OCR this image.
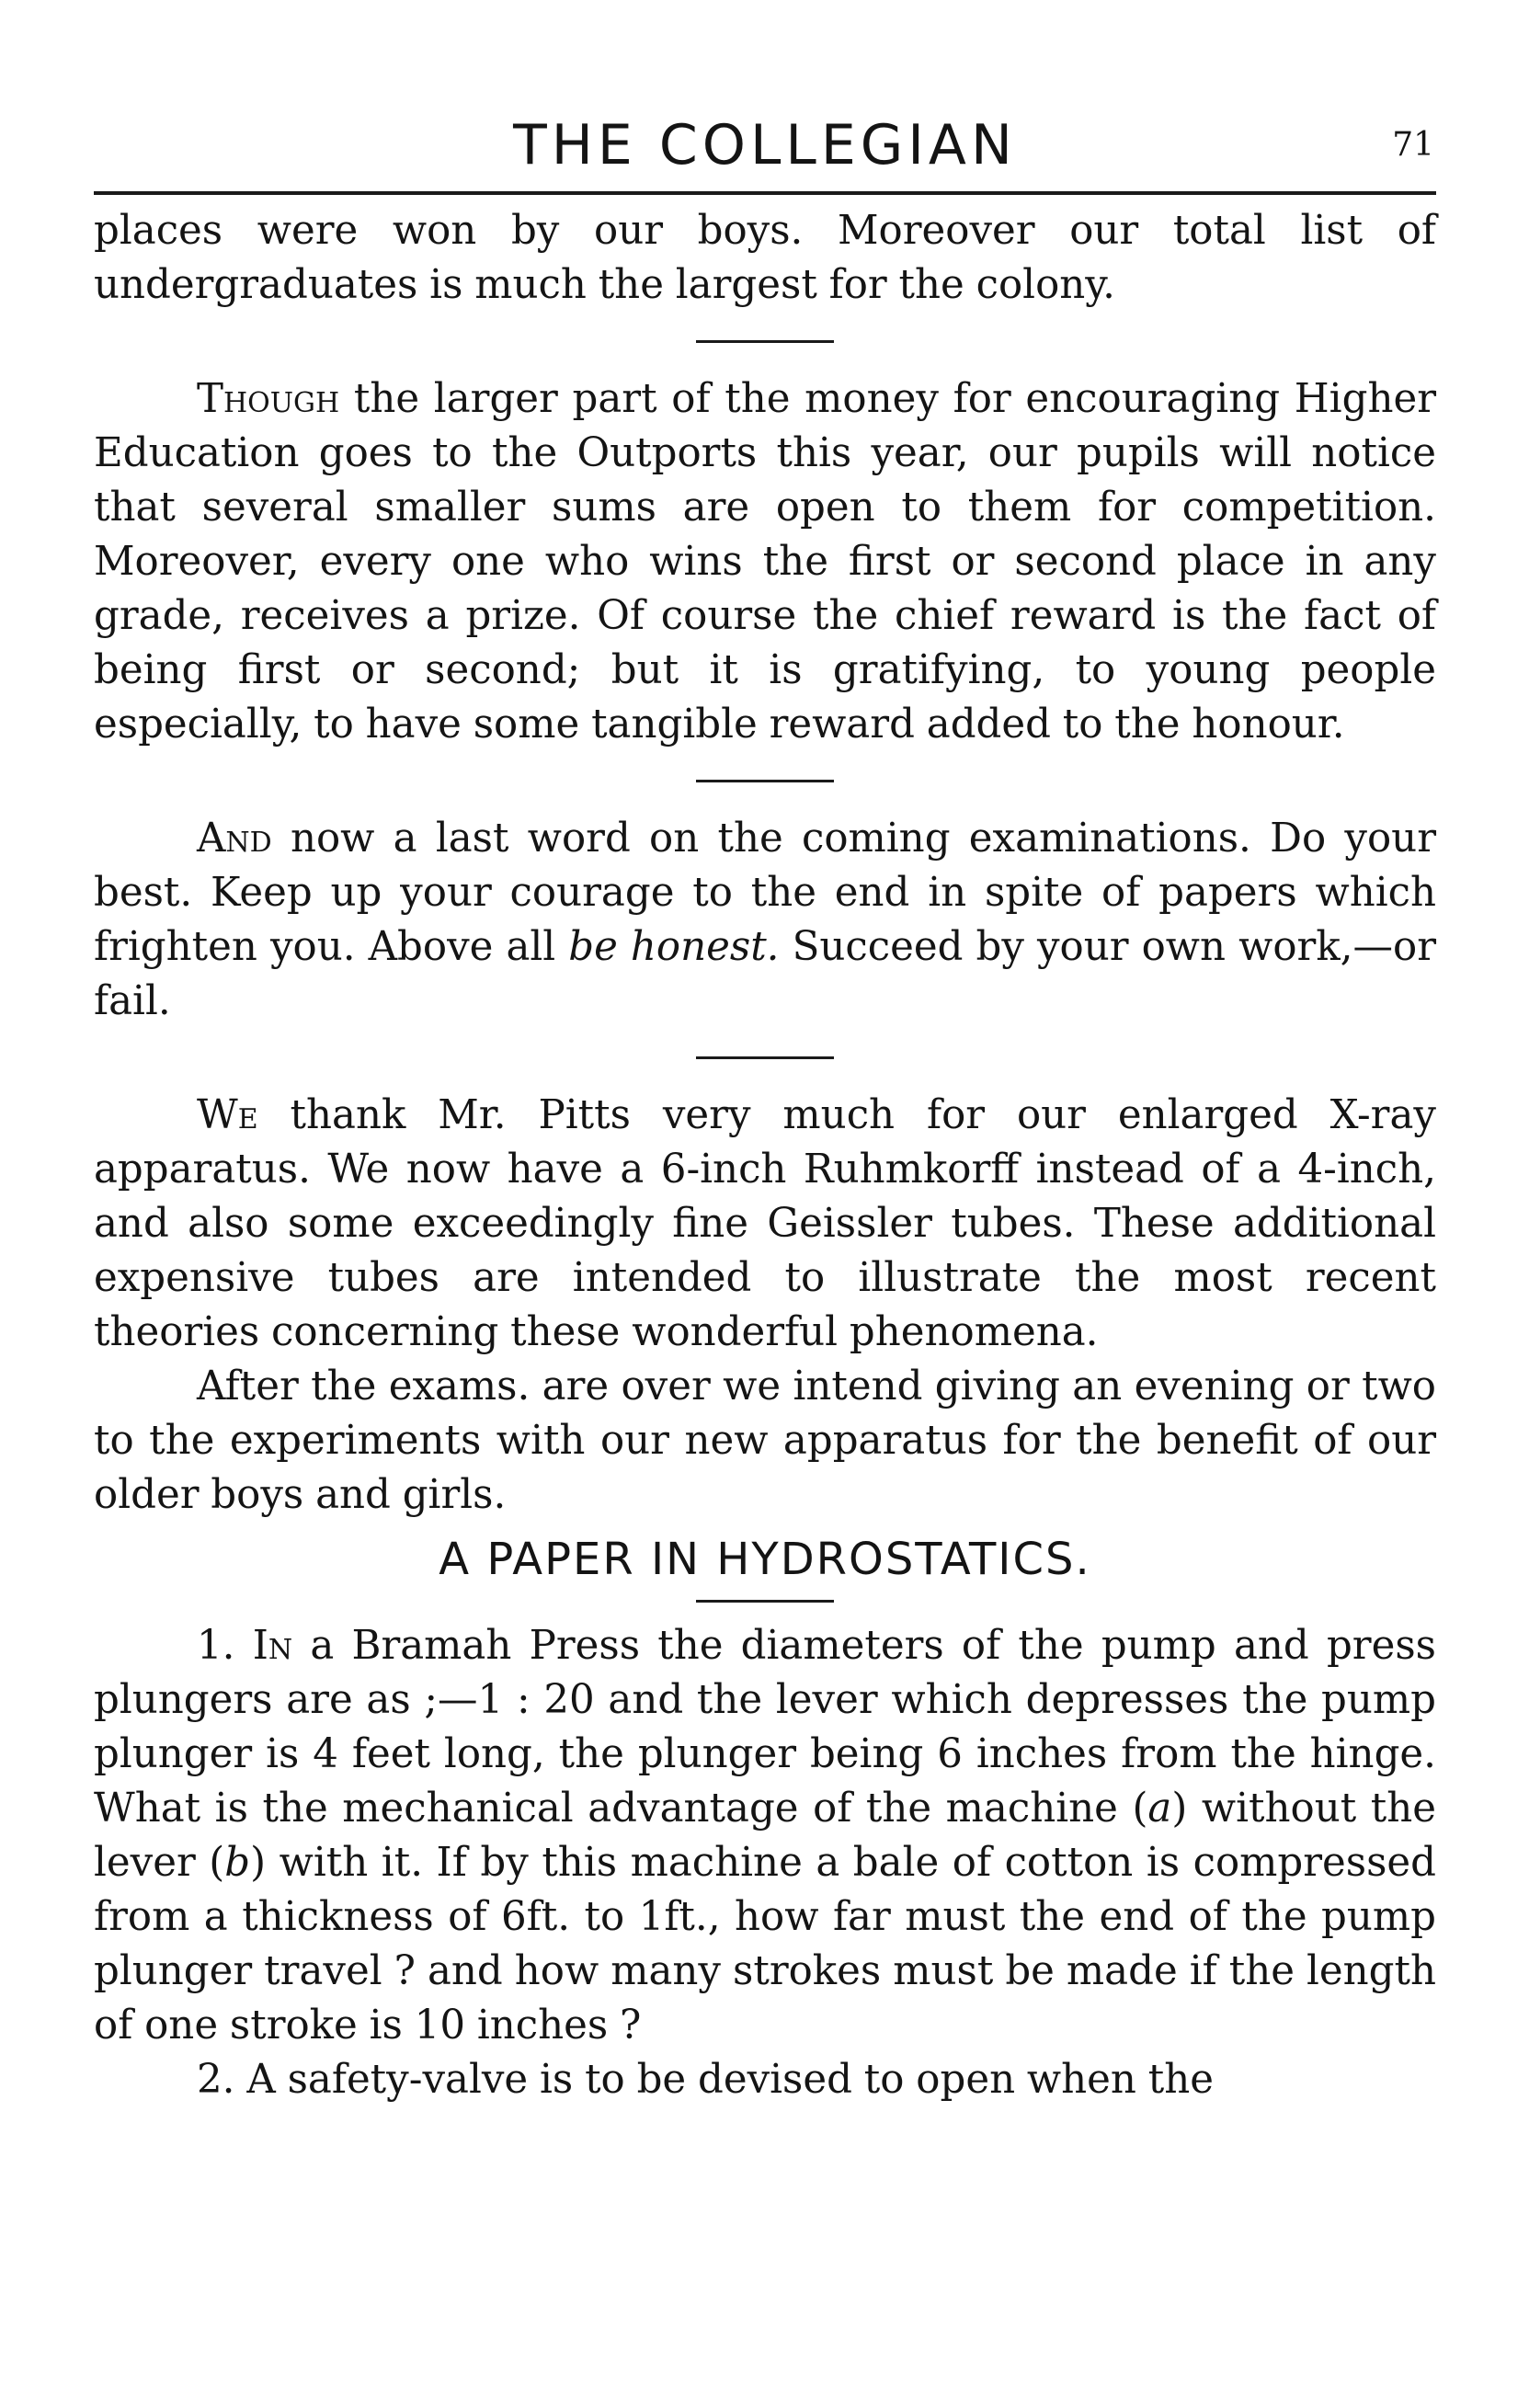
THE COLLEGIAN	71

places were won by our boys. Moreover our total list of undergraduates is much the largest for the colony.

Though the larger part of the money for encouraging Higher Education goes to the Outports this year, our pupils will notice that several smaller sums are open to them for competition. Moreover, every one who wins the first or second place in any grade, receives a prize. Of course the chief reward is the fact of being first or second; but it is gratifying, to young people especially, to have some tangible reward added to the honour.

And now a last word on the coming examinations. Do your best. Keep up your courage to the end in spite of papers which frighten you. Above all be honest. Succeed by your own work,—or fail.

We thank Mr. Pitts very much for our enlarged X-ray apparatus. We now have a 6-inch Ruhmkorff instead of a 4-inch, and also some exceedingly fine Geissler tubes. These additional expensive tubes are intended to illustrate the most recent theories concerning these wonderful phenomena.

After the exams. are over we intend giving an evening or two to the experiments with our new apparatus for the benefit of our older boys and girls.

A PAPER IN HYDROSTATICS.

1. In a Bramah Press the diameters of the pump and press plungers are as ;—1 : 20 and the lever which depresses the pump plunger is 4 feet long, the plunger being 6 inches from the hinge. What is the mechanical advantage of the machine (a) without the lever (b) with it. If by this machine a bale of cotton is compressed from a thickness of 6ft. to 1ft., how far must the end of the pump plunger travel ? and how many strokes must be made if the length of one stroke is 10 inches ?

2. A safety-valve is to be devised to open when the
